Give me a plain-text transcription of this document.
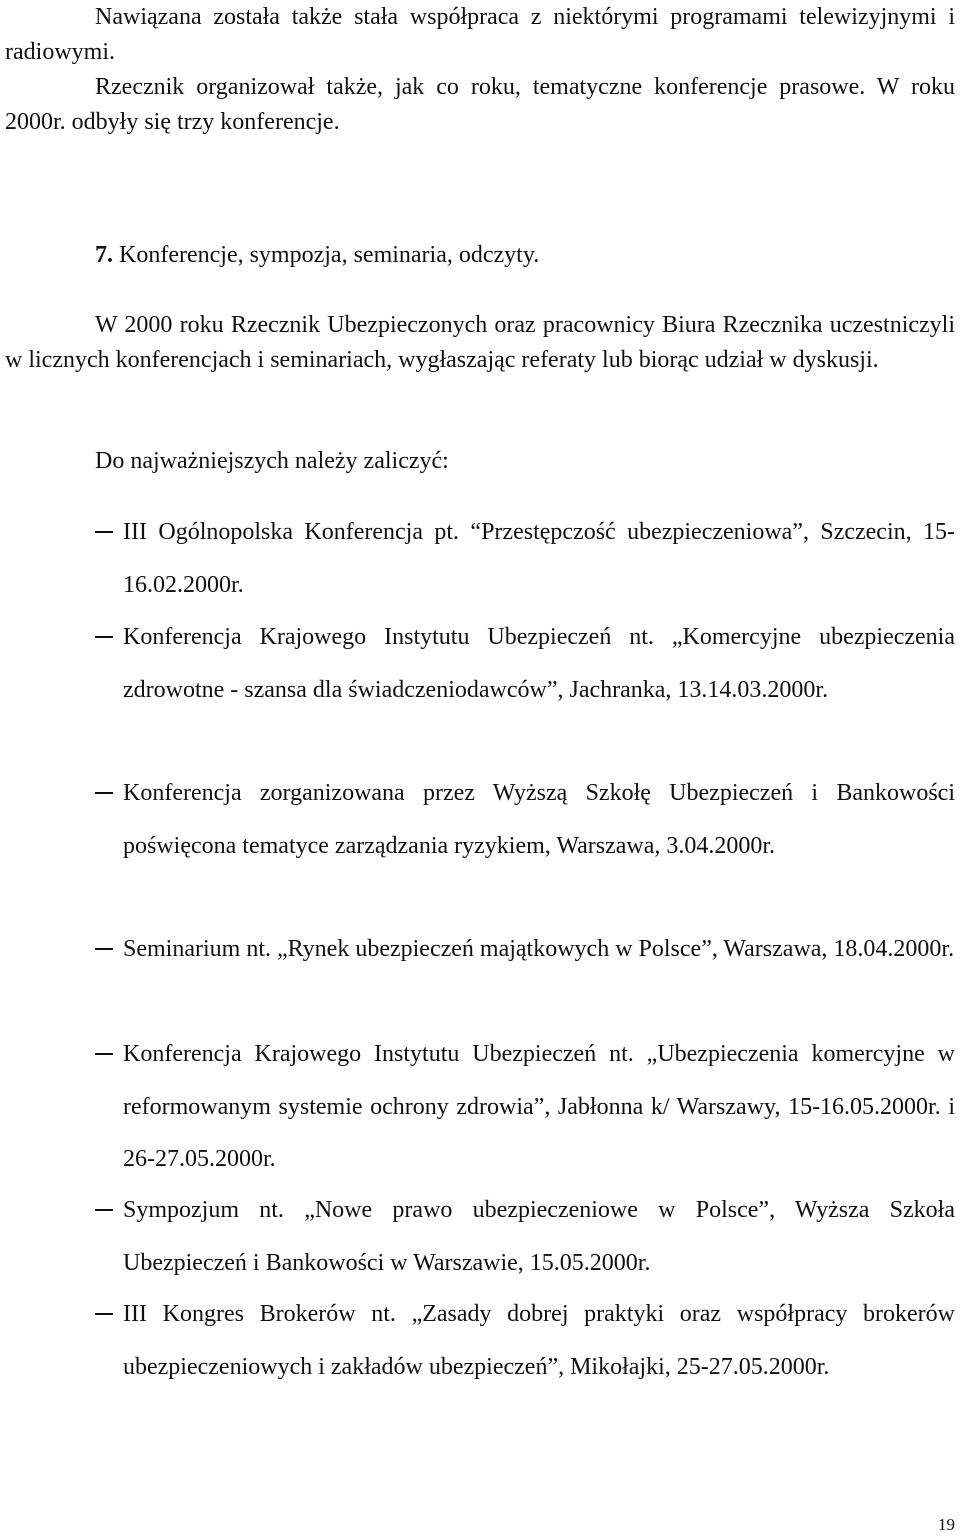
Nawiązana została także stała współpraca z niektórymi programami telewizyjnymi i radiowymi.

Rzecznik organizował także, jak co roku, tematyczne konferencje prasowe. W roku 2000r. odbyły się trzy konferencje.

7. Konferencje, sympozja, seminaria, odczyty.

W 2000 roku Rzecznik Ubezpieczonych oraz pracownicy Biura Rzecznika uczestniczyli w licznych konferencjach i seminariach, wygłaszając referaty lub biorąc udział w dyskusji.

Do najważniejszych należy zaliczyć:

III Ogólnopolska Konferencja pt. “Przestępczość ubezpieczeniowa”, Szczecin, 15-16.02.2000r.

Konferencja Krajowego Instytutu Ubezpieczeń nt. „Komercyjne ubezpieczenia zdrowotne - szansa dla świadczeniodawców”, Jachranka, 13.14.03.2000r.

Konferencja zorganizowana przez Wyższą Szkołę Ubezpieczeń i Bankowości poświęcona tematyce zarządzania ryzykiem, Warszawa, 3.04.2000r.

Seminarium nt. „Rynek ubezpieczeń majątkowych w Polsce”, Warszawa, 18.04.2000r.

Konferencja Krajowego Instytutu Ubezpieczeń nt. „Ubezpieczenia komercyjne w reformowanym systemie ochrony zdrowia”, Jabłonna k/ Warszawy, 15-16.05.2000r. i 26-27.05.2000r.

Sympozjum nt. „Nowe prawo ubezpieczeniowe w Polsce”, Wyższa Szkoła Ubezpieczeń i Bankowości w Warszawie, 15.05.2000r.

III Kongres Brokerów nt. „Zasady dobrej praktyki oraz współpracy brokerów ubezpieczeniowych i zakładów ubezpieczeń”, Mikołajki, 25-27.05.2000r.

19
